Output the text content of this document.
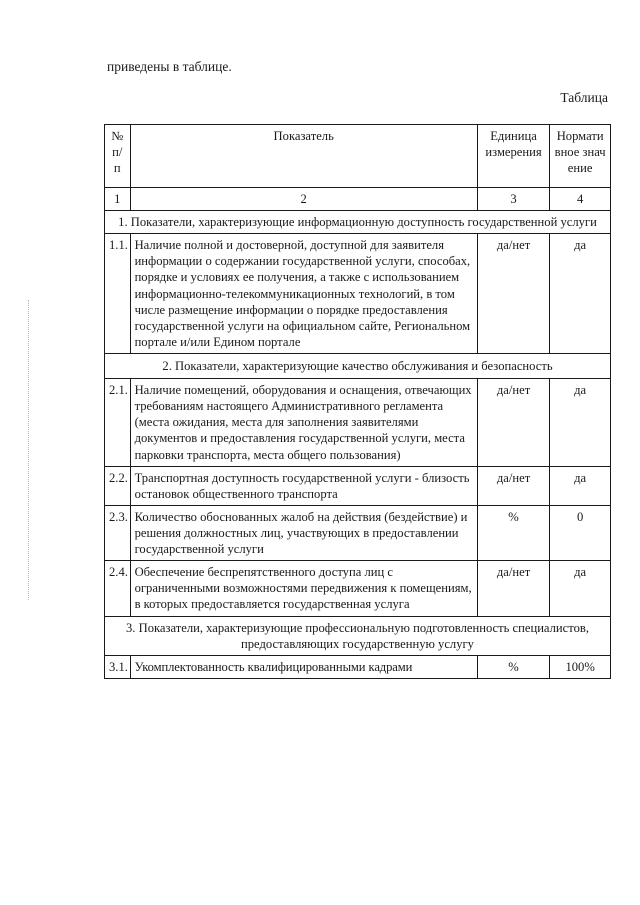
приведены в таблице.
Таблица
№ п/п	Показатель	Единица измерения	Нормативное значение
1	2	3	4
1. Показатели, характеризующие информационную доступность государственной услуги			
1.1.	Наличие полной и достоверной, доступной для заявителя информации о содержании государственной услуги, способах, порядке и условиях ее получения, а также с использованием информационно-телекоммуникационных технологий, в том числе размещение информации о порядке предоставления государственной услуги на официальном сайте, Региональном портале и/или Едином портале	да/нет	да
2. Показатели, характеризующие качество обслуживания и безопасность			
2.1.	Наличие помещений, оборудования и оснащения, отвечающих требованиям настоящего Административного регламента (места ожидания, места для заполнения заявителями документов и предоставления государственной услуги, места парковки транспорта, места общего пользования)	да/нет	да
2.2.	Транспортная доступность государственной услуги - близость остановок общественного транспорта	да/нет	да
2.3.	Количество обоснованных жалоб на действия (бездействие) и решения должностных лиц, участвующих в предоставлении государственной услуги	%	0
2.4.	Обеспечение беспрепятственного доступа лиц с ограниченными возможностями передвижения к помещениям, в которых предоставляется государственная услуга	да/нет	да
3. Показатели, характеризующие профессиональную подготовленность специалистов, предоставляющих государственную услугу			
3.1.	Укомплектованность квалифицированными кадрами	%	100%
